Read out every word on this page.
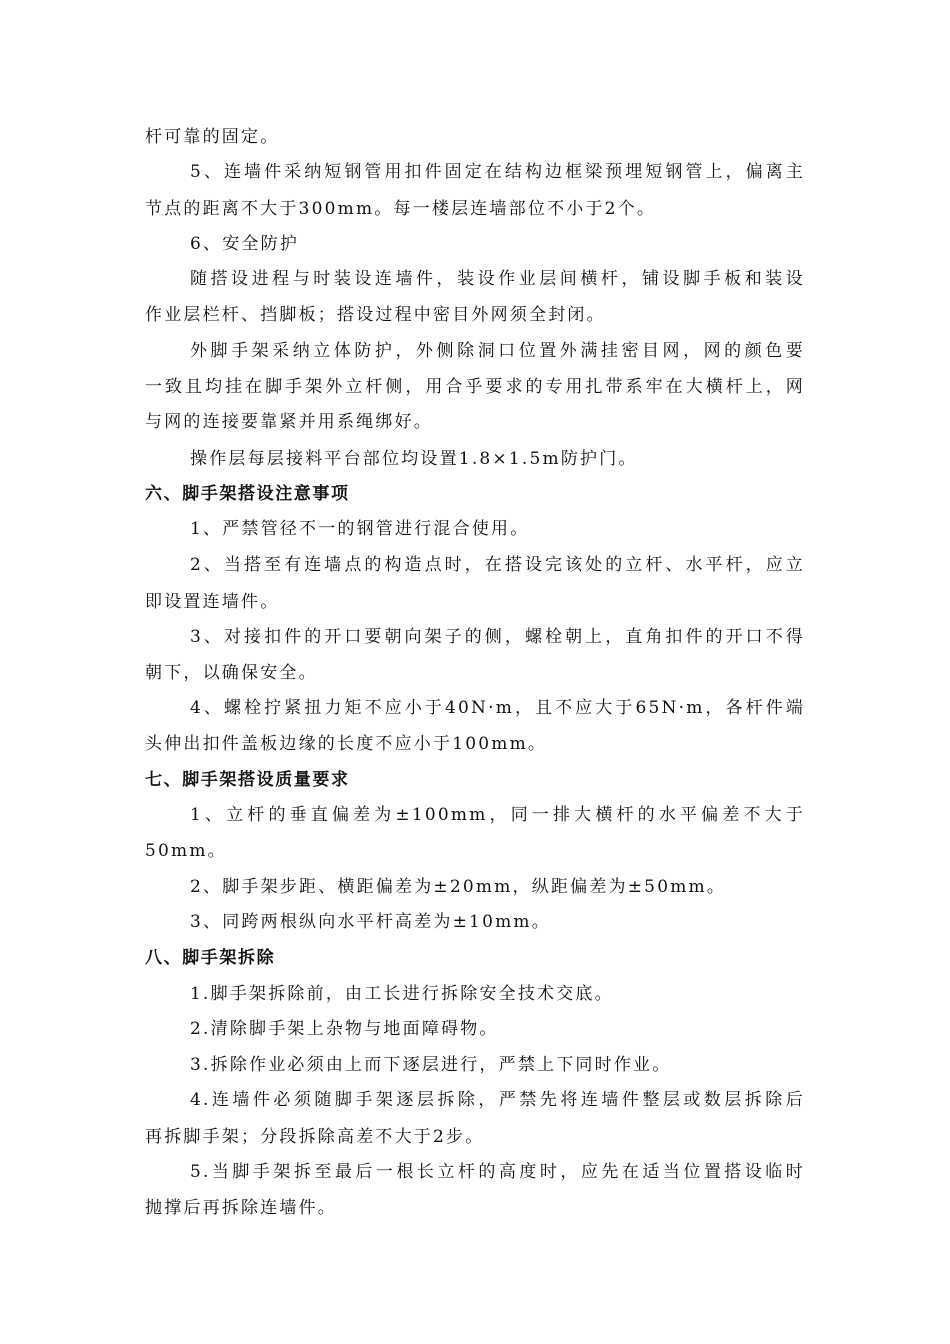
杆可靠的固定。
5、连墙件采纳短钢管用扣件固定在结构边框梁预埋短钢管上，偏离主
节点的距离不大于300mm。每一楼层连墙部位不小于2个。
6、安全防护
随搭设进程与时装设连墙件，装设作业层间横杆，铺设脚手板和装设
作业层栏杆、挡脚板；搭设过程中密目外网须全封闭。
外脚手架采纳立体防护，外侧除洞口位置外满挂密目网，网的颜色要
一致且均挂在脚手架外立杆侧，用合乎要求的专用扎带系牢在大横杆上，网
与网的连接要靠紧并用系绳绑好。
操作层每层接料平台部位均设置1.8×1.5m防护门。
六、脚手架搭设注意事项
1、严禁管径不一的钢管进行混合使用。
2、当搭至有连墙点的构造点时，在搭设完该处的立杆、水平杆，应立
即设置连墙件。
3、对接扣件的开口要朝向架子的侧，螺栓朝上，直角扣件的开口不得
朝下，以确保安全。
4、螺栓拧紧扭力矩不应小于40N·m，且不应大于65N·m，各杆件端
头伸出扣件盖板边缘的长度不应小于100mm。
七、脚手架搭设质量要求
1、立杆的垂直偏差为±100mm，同一排大横杆的水平偏差不大于
50mm。
2、脚手架步距、横距偏差为±20mm，纵距偏差为±50mm。
3、同跨两根纵向水平杆高差为±10mm。
八、脚手架拆除
1.脚手架拆除前，由工长进行拆除安全技术交底。
2.清除脚手架上杂物与地面障碍物。
3.拆除作业必须由上而下逐层进行，严禁上下同时作业。
4.连墙件必须随脚手架逐层拆除，严禁先将连墙件整层或数层拆除后
再拆脚手架；分段拆除高差不大于2步。
5.当脚手架拆至最后一根长立杆的高度时，应先在适当位置搭设临时
抛撑后再拆除连墙件。
